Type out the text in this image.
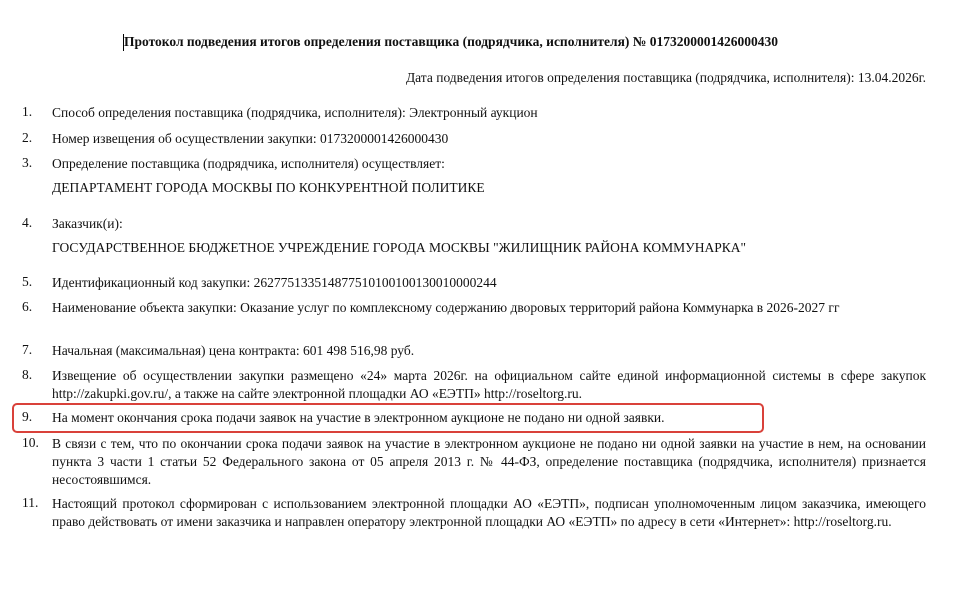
Протокол подведения итогов определения поставщика (подрядчика, исполнителя) № 0173200001426000430
Дата подведения итогов определения поставщика (подрядчика, исполнителя): 13.04.2026г.
1.	Способ определения поставщика (подрядчика, исполнителя): Электронный аукцион
2.	Номер извещения об осуществлении закупки: 0173200001426000430
3.	Определение поставщика (подрядчика, исполнителя) осуществляет:
ДЕПАРТАМЕНТ ГОРОДА МОСКВЫ ПО КОНКУРЕНТНОЙ ПОЛИТИКЕ
4.	Заказчик(и):
ГОСУДАРСТВЕННОЕ БЮДЖЕТНОЕ УЧРЕЖДЕНИЕ ГОРОДА МОСКВЫ "ЖИЛИЩНИК РАЙОНА КОММУНАРКА"
5.	Идентификационный код закупки: 262775133514877510100100130010000244
6.	Наименование объекта закупки: Оказание услуг по комплексному содержанию дворовых территорий района Коммунарка в 2026-2027 гг
7.	Начальная (максимальная) цена контракта: 601 498 516,98 руб.
8.	Извещение об осуществлении закупки размещено «24» марта 2026г. на официальном сайте единой информационной системы в сфере закупок http://zakupki.gov.ru/, а также на сайте электронной площадки АО «ЕЭТП» http://roseltorg.ru.
9.	На момент окончания срока подачи заявок на участие в электронном аукционе не подано ни одной заявки.
10. В связи с тем, что по окончании срока подачи заявок на участие в электронном аукционе не подано ни одной заявки на участие в нем, на основании пункта 3 части 1 статьи 52 Федерального закона от 05 апреля 2013 г. № 44-ФЗ, определение поставщика (подрядчика, исполнителя) признается несостоявшимся.
11.	Настоящий протокол сформирован с использованием электронной площадки АО «ЕЭТП», подписан уполномоченным лицом заказчика, имеющего право действовать от имени заказчика и направлен оператору электронной площадки АО «ЕЭТП» по адресу в сети «Интернет»: http://roseltorg.ru.
